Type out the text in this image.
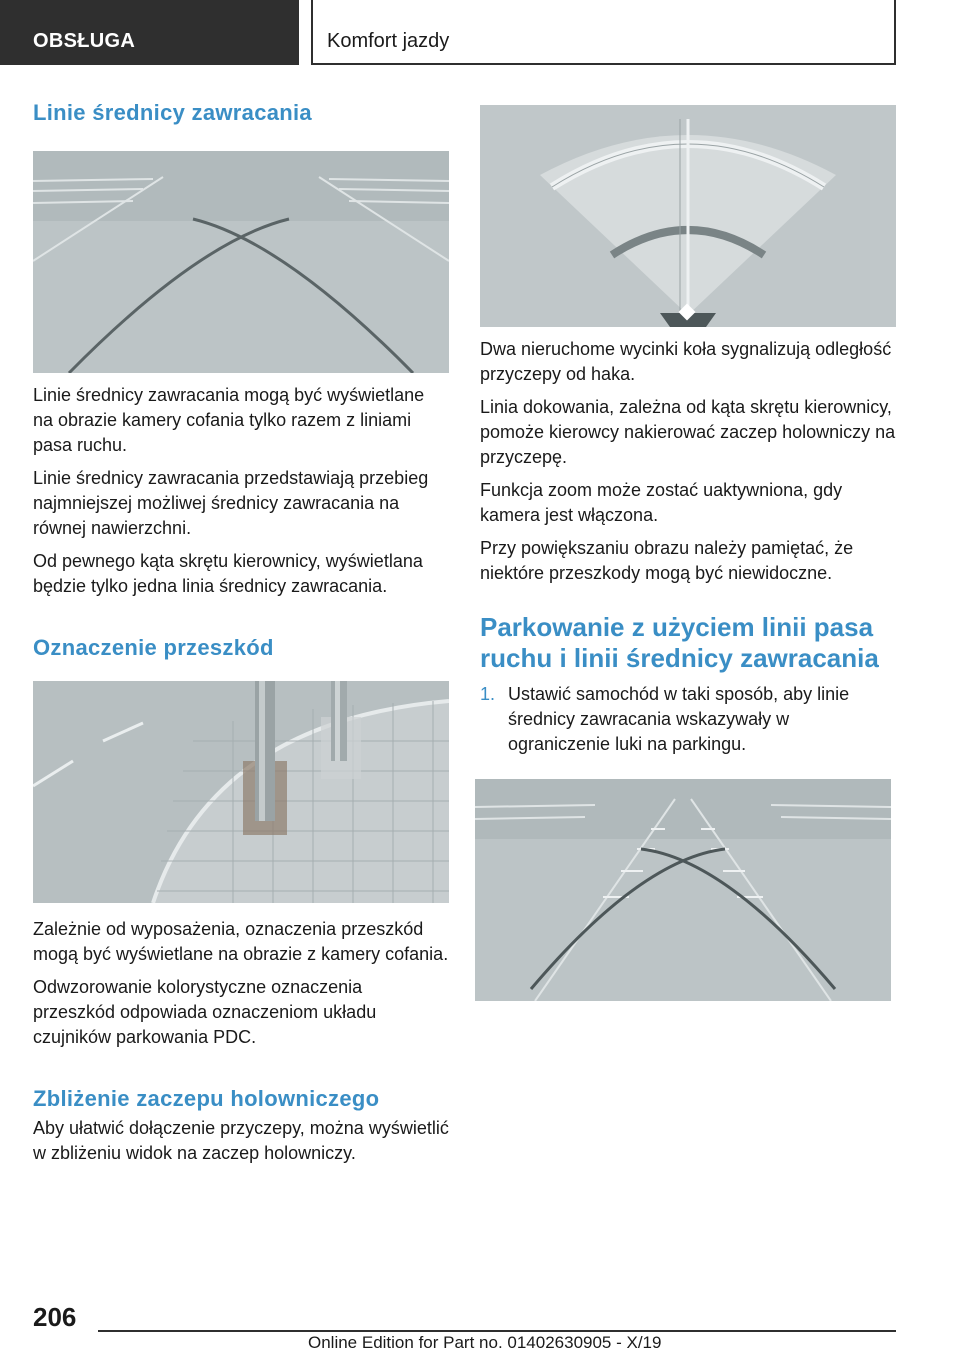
OBSŁUGA	Komfort jazdy
Linie średnicy zawracania

Linie średnicy zawracania mogą być wyświetlane na obrazie kamery cofania tylko razem z liniami pasa ruchu.

Linie średnicy zawracania przedstawiają przebieg najmniejszej możliwej średnicy zawracania na równej nawierzchni.

Od pewnego kąta skrętu kierownicy, wyświetlana będzie tylko jedna linia średnicy zawracania.

Oznaczenie przeszkód

Zależnie od wyposażenia, oznaczenia przeszkód mogą być wyświetlane na obrazie z kamery cofania.

Odwzorowanie kolorystyczne oznaczenia przeszkód odpowiada oznaczeniom układu czujników parkowania PDC.

Zbliżenie zaczepu holowniczego

Aby ułatwić dołączenie przyczepy, można wyświetlić w zbliżeniu widok na zaczep holowniczy.

Dwa nieruchome wycinki koła sygnalizują odległość przyczepy od haka.

Linia dokowania, zależna od kąta skrętu kierownicy, pomoże kierowcy nakierować zaczep holowniczy na przyczepę.

Funkcja zoom może zostać uaktywniona, gdy kamera jest włączona.

Przy powiększaniu obrazu należy pamiętać, że niektóre przeszkody mogą być niewidoczne.

Parkowanie z użyciem linii pasa ruchu i linii średnicy zawracania
1. Ustawić samochód w taki sposób, aby linie średnicy zawracania wskazywały w ograniczenie luki na parkingu.
206
Online Edition for Part no. 01402630905 - X/19
